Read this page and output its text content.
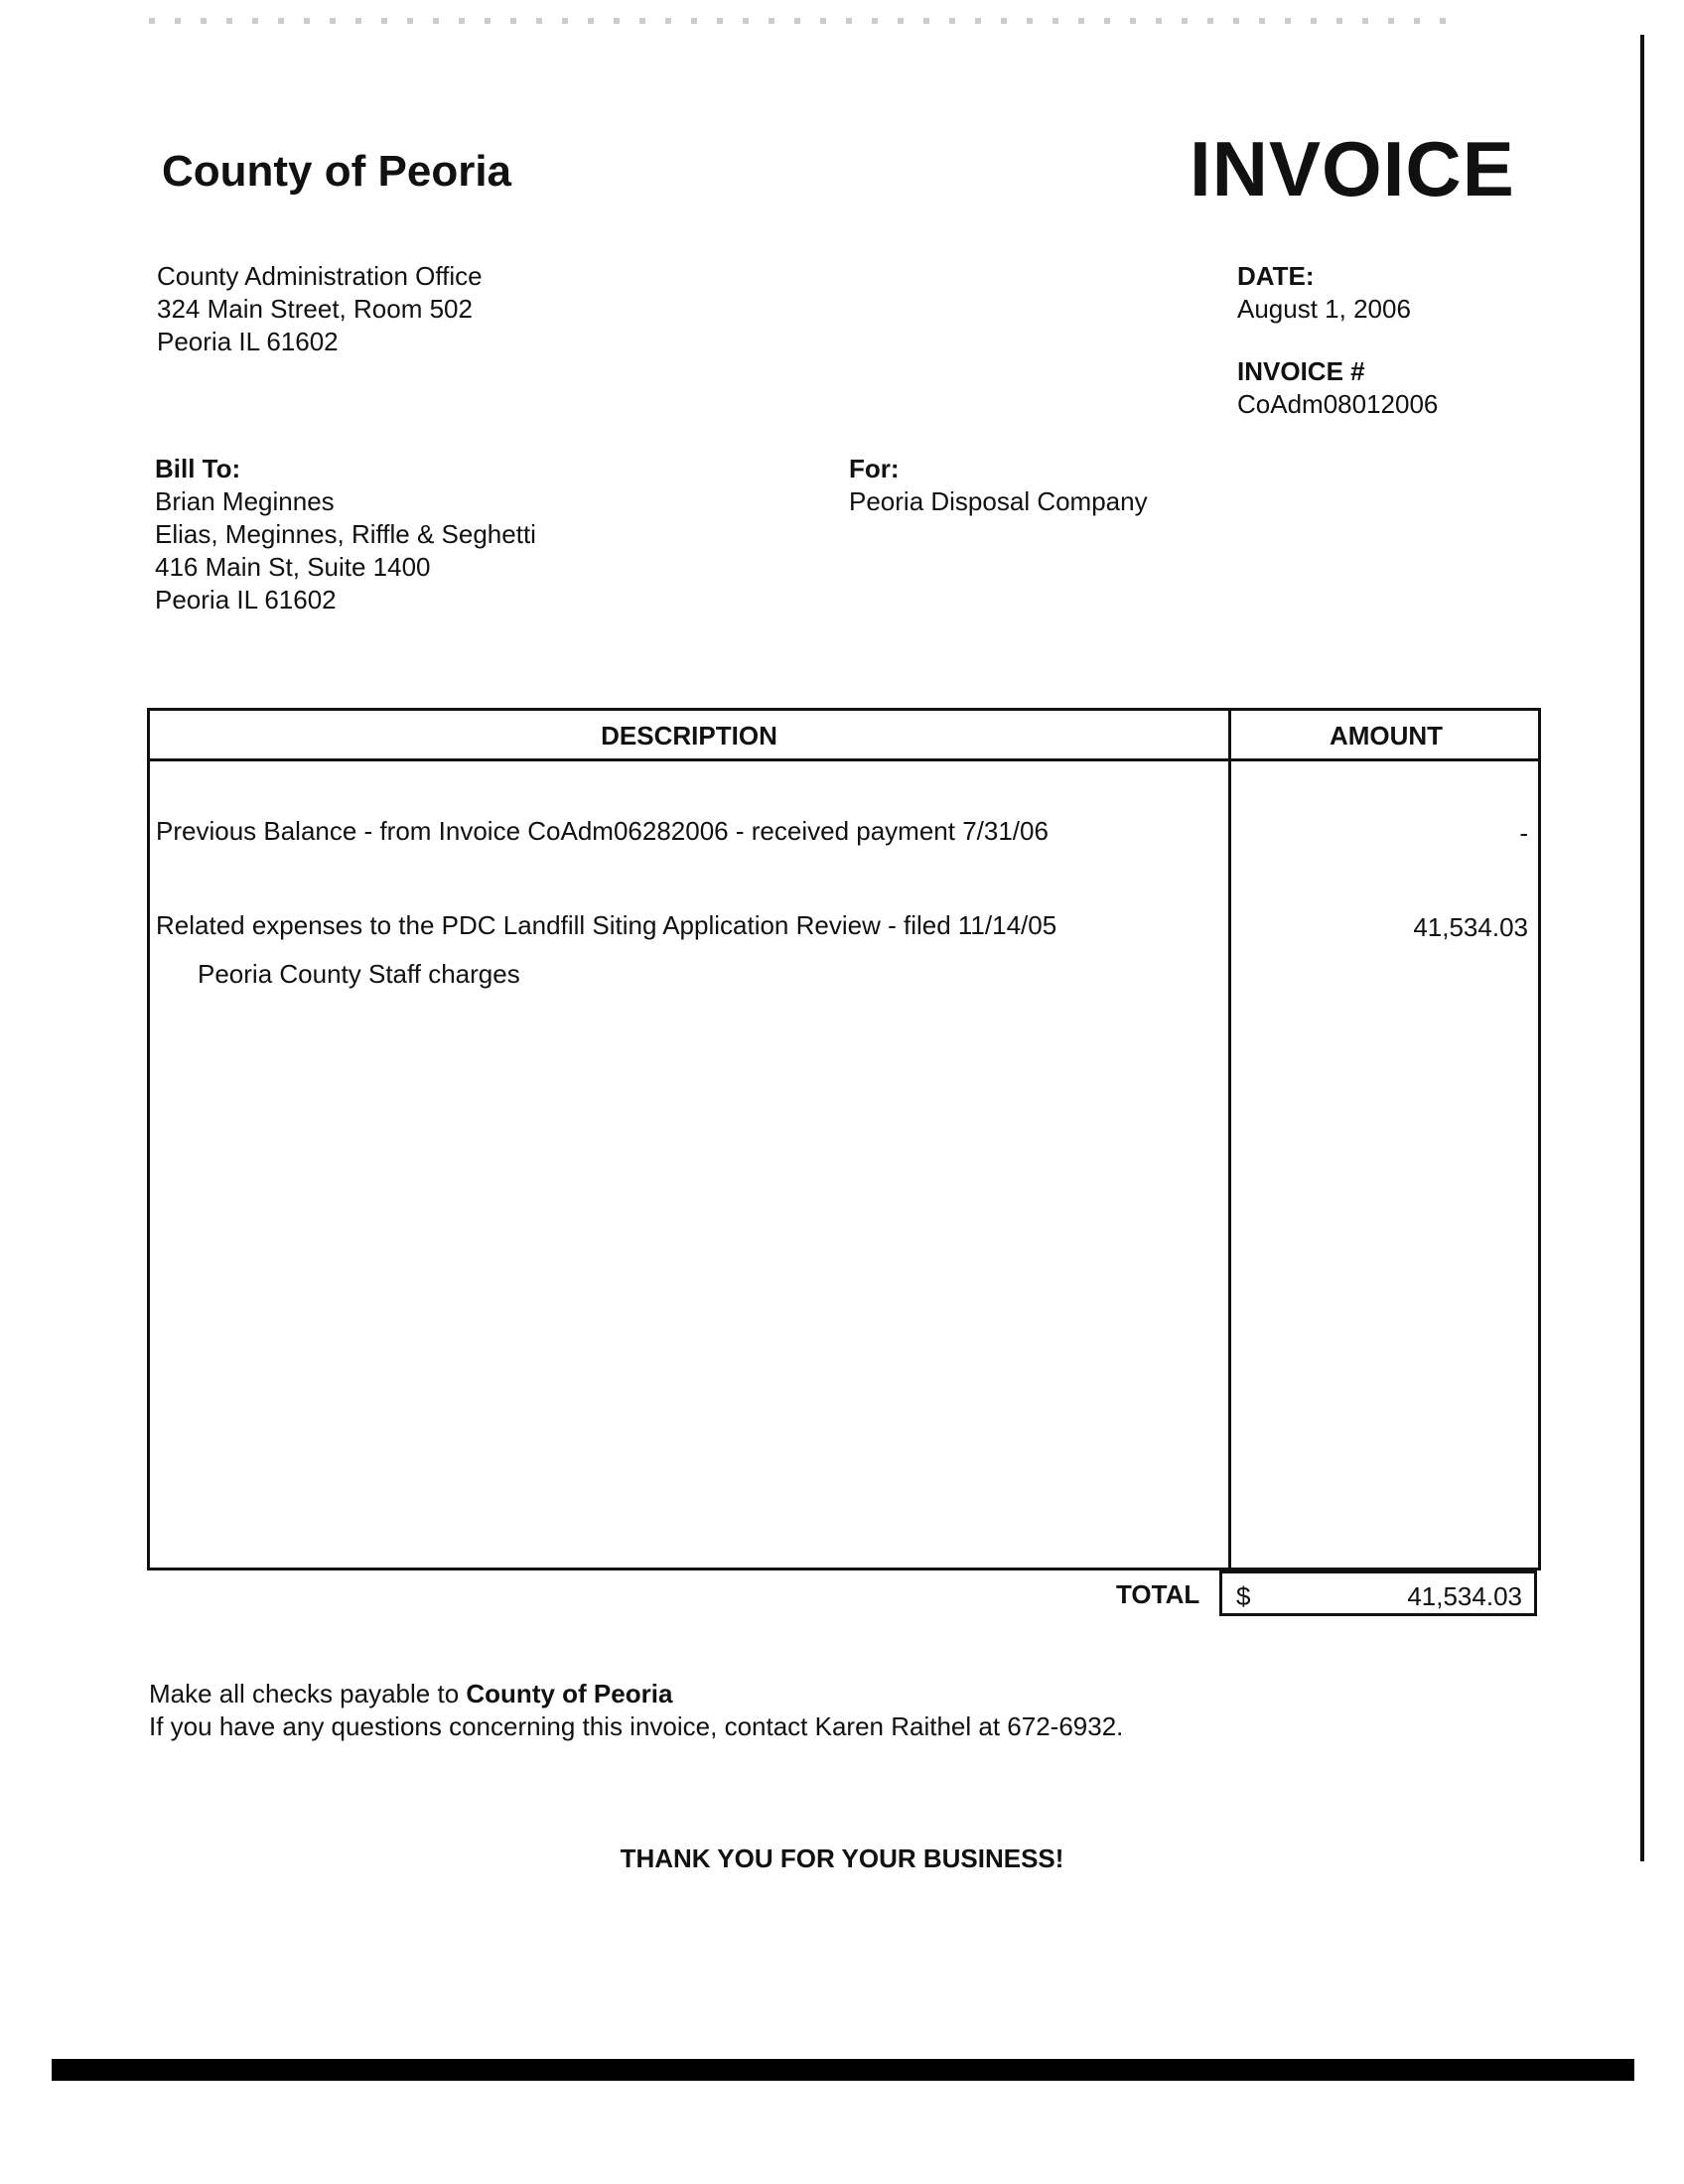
County of Peoria	INVOICE
County Administration Office
324 Main Street, Room 502
Peoria IL 61602
DATE:
August 1, 2006
INVOICE #
CoAdm08012006
Bill To:
Brian Meginnes
Elias, Meginnes, Riffle & Seghetti
416 Main St, Suite 1400
Peoria IL 61602
For:
Peoria Disposal Company
DESCRIPTION	AMOUNT
Previous Balance - from Invoice CoAdm06282006 - received payment 7/31/06	-
Related expenses to the PDC Landfill Siting Application Review - filed 11/14/05	41,534.03
Peoria County Staff charges
TOTAL $	41,534.03
Make all checks payable to County of Peoria
If you have any questions concerning this invoice, contact Karen Raithel at 672-6932.
THANK YOU FOR YOUR BUSINESS!
